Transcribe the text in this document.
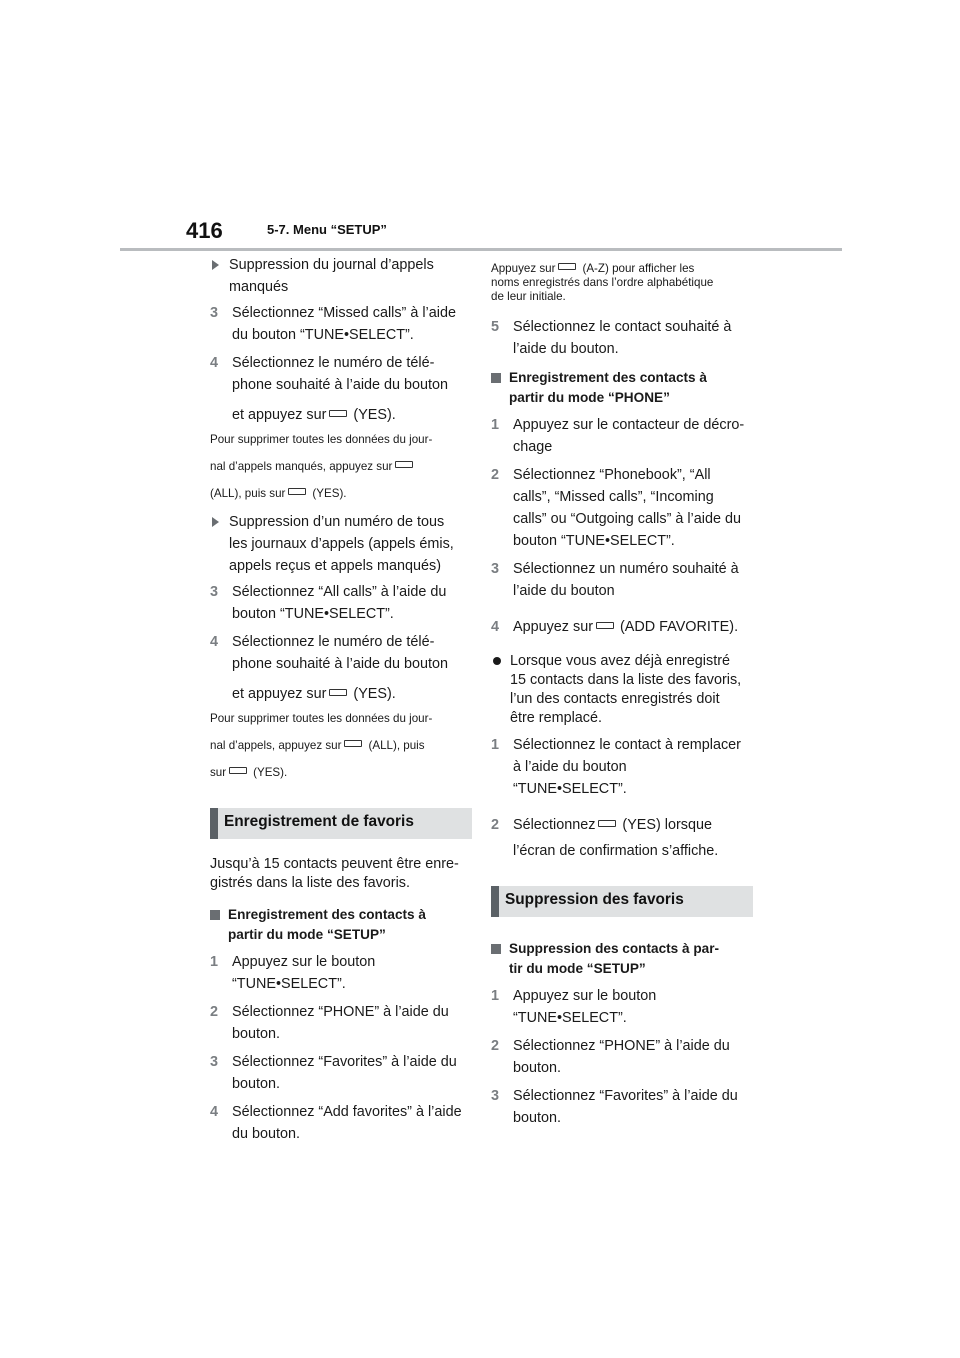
416	5-7. Menu “SETUP”
Suppression du journal d’appels
manqués
3 Sélectionnez “Missed calls” à l’aide
du bouton “TUNE•SELECT”.
4 Sélectionnez le numéro de télé-
phone souhaité à l’aide du bouton
et appuyez sur (YES).

Pour supprimer toutes les données du jour-

nal d’appels manqués, appuyez sur

(ALL), puis sur (YES).

Suppression d’un numéro de tous
les journaux d’appels (appels émis,
appels reçus et appels manqués)
3 Sélectionnez “All calls” à l’aide du
bouton “TUNE•SELECT”.
4 Sélectionnez le numéro de télé-
phone souhaité à l’aide du bouton
et appuyez sur (YES).

Pour supprimer toutes les données du jour-

nal d’appels, appuyez sur (ALL), puis

sur (YES).

Enregistrement de favoris
Jusqu’à 15 contacts peuvent être enre-
gistrés dans la liste des favoris.
Enregistrement des contacts à
partir du mode “SETUP”
1 Appuyez sur le bouton
“TUNE•SELECT”.
2 Sélectionnez “PHONE” à l’aide du
bouton.
3 Sélectionnez “Favorites” à l’aide du
bouton.
4 Sélectionnez “Add favorites” à l’aide
du bouton.

Appuyez sur (A-Z) pour afficher les

noms enregistrés dans l’ordre alphabétique

de leur initiale.

5 Sélectionnez le contact souhaité à
l’aide du bouton.
Enregistrement des contacts à
partir du mode “PHONE”
1 Appuyez sur le contacteur de décro-
chage
2 Sélectionnez “Phonebook”, “All
calls”, “Missed calls”, “Incoming
calls” ou “Outgoing calls” à l’aide du
bouton “TUNE•SELECT”.
3 Sélectionnez un numéro souhaité à
l’aide du bouton
4 Appuyez sur (ADD FAVORITE).
Lorsque vous avez déjà enregistré
15 contacts dans la liste des favoris,
l’un des contacts enregistrés doit
être remplacé.
1 Sélectionnez le contact à remplacer
à l’aide du bouton
“TUNE•SELECT”.
2 Sélectionnez (YES) lorsque
l’écran de confirmation s’affiche.
Suppression des favoris
Suppression des contacts à par-
tir du mode “SETUP”
1 Appuyez sur le bouton
“TUNE•SELECT”.
2 Sélectionnez “PHONE” à l’aide du
bouton.
3 Sélectionnez “Favorites” à l’aide du
bouton.
